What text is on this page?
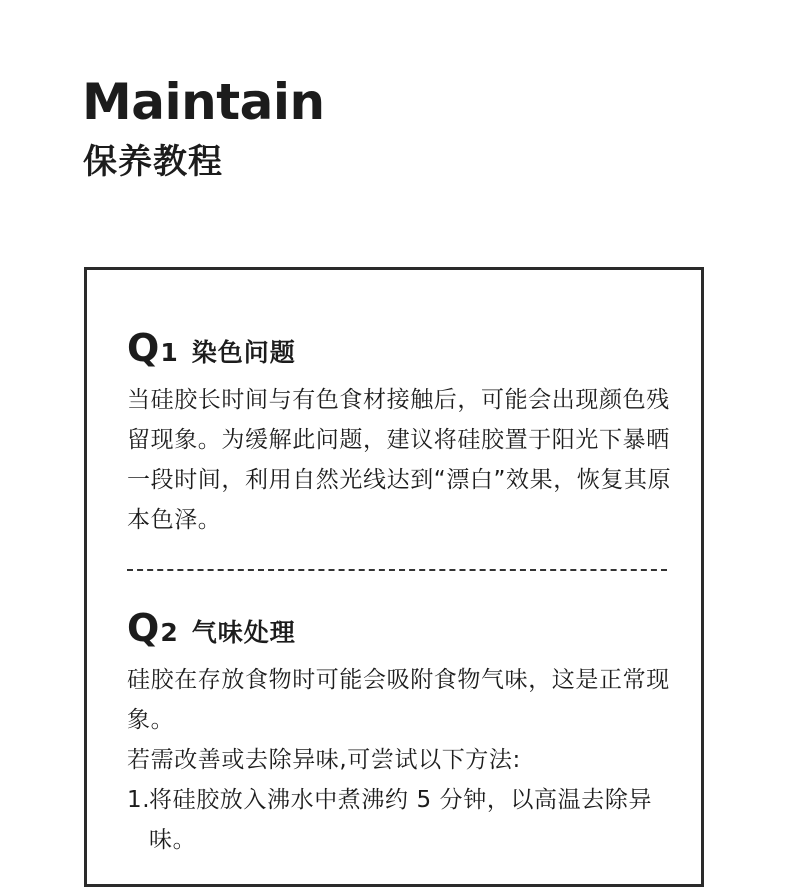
Maintain
保养教程
Q 1 染色问题

当硅胶长时间与有色食材接触后，可能会出现颜色残留现象。为缓解此问题，建议将硅胶置于阳光下暴晒一段时间，利用自然光线达到“漂白”效果，恢复其原本色泽。

Q 2 气味处理

硅胶在存放食物时可能会吸附食物气味，这是正常现象。

若需改善或去除异味,可尝试以下方法:

1.
将硅胶放入沸水中煮沸约 5 分钟，以高温去除异味。
